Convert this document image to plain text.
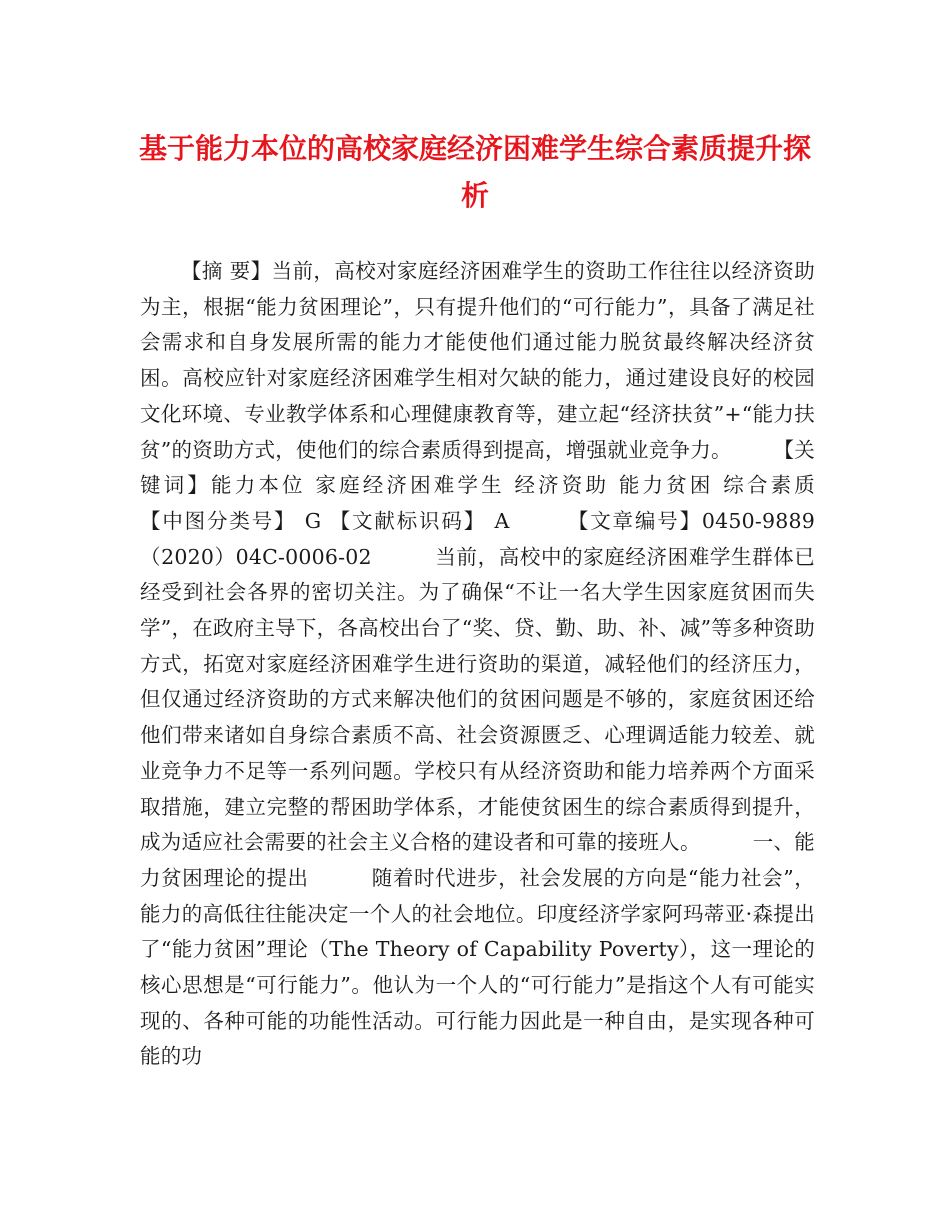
基于能力本位的高校家庭经济困难学生综合素质提升探析

【摘 要】当前，高校对家庭经济困难学生的资助工作往往以经济资助为主，根据“能力贫困理论”，只有提升他们的“可行能力”，具备了满足社会需求和自身发展所需的能力才能使他们通过能力脱贫最终解决经济贫困。高校应针对家庭经济困难学生相对欠缺的能力，通过建设良好的校园文化环境、专业教学体系和心理健康教育等，建立起“经济扶贫”+“能力扶贫”的资助方式，使他们的综合素质得到提高，增强就业竞争力。　　　【关键词】能力本位 家庭经济困难学生 经济资助 能力贫困 综合素质　　　【中图分类号】 G 【文献标识码】 A　　　【文章编号】0450-9889（2020）04C-0006-02　　　当前，高校中的家庭经济困难学生群体已经受到社会各界的密切关注。为了确保“不让一名大学生因家庭贫困而失学”，在政府主导下，各高校出台了“奖、贷、勤、助、补、减”等多种资助方式，拓宽对家庭经济困难学生进行资助的渠道，减轻他们的经济压力，但仅通过经济资助的方式来解决他们的贫困问题是不够的，家庭贫困还给他们带来诸如自身综合素质不高、社会资源匮乏、心理调适能力较差、就业竞争力不足等一系列问题。学校只有从经济资助和能力培养两个方面采取措施，建立完整的帮困助学体系，才能使贫困生的综合素质得到提升，成为适应社会需要的社会主义合格的建设者和可靠的接班人。　　　一、能力贫困理论的提出　　　随着时代进步，社会发展的方向是“能力社会”，能力的高低往往能决定一个人的社会地位。印度经济学家阿玛蒂亚·森提出了“能力贫困”理论（The Theory of Capability Poverty），这一理论的核心思想是“可行能力”。他认为一个人的“可行能力”是指这个人有可能实现的、各种可能的功能性活动。可行能力因此是一种自由，是实现各种可能的功
